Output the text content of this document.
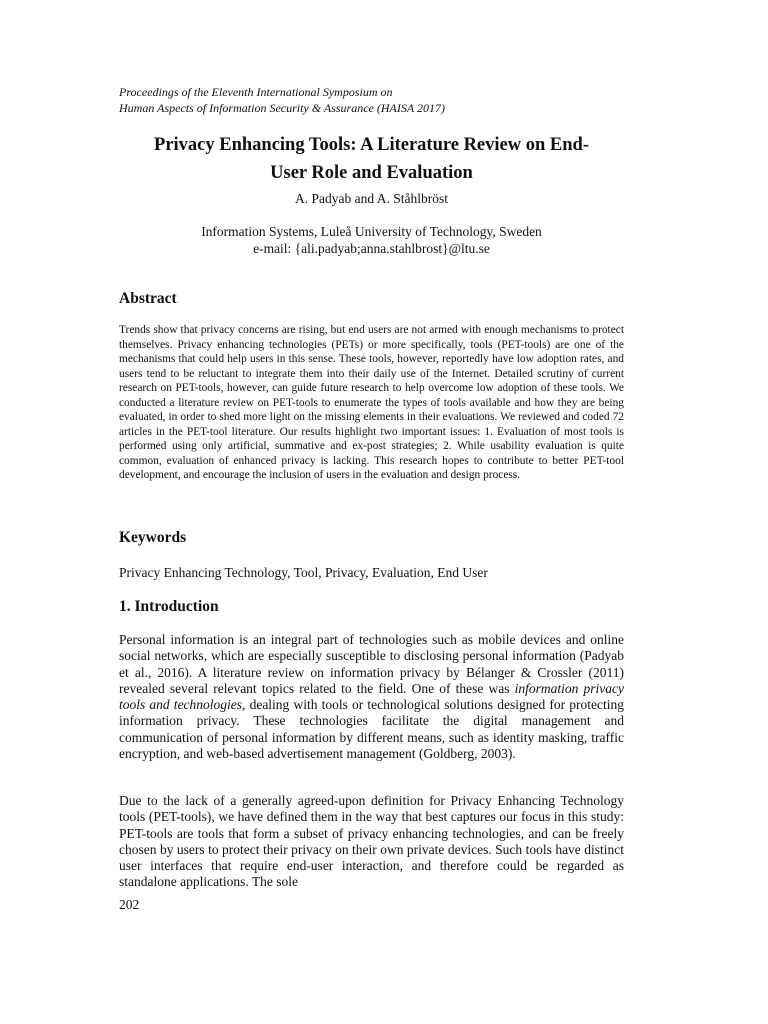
Proceedings of the Eleventh International Symposium on
Human Aspects of Information Security & Assurance (HAISA 2017)
Privacy Enhancing Tools: A Literature Review on End-
User Role and Evaluation
A. Padyab and A. Ståhlbröst
Information Systems, Luleå University of Technology, Sweden
e-mail: {ali.padyab;anna.stahlbrost}@ltu.se
Abstract

Trends show that privacy concerns are rising, but end users are not armed with enough mechanisms to protect themselves. Privacy enhancing technologies (PETs) or more specifically, tools (PET-tools) are one of the mechanisms that could help users in this sense. These tools, however, reportedly have low adoption rates, and users tend to be reluctant to integrate them into their daily use of the Internet. Detailed scrutiny of current research on PET-tools, however, can guide future research to help overcome low adoption of these tools. We conducted a literature review on PET-tools to enumerate the types of tools available and how they are being evaluated, in order to shed more light on the missing elements in their evaluations. We reviewed and coded 72 articles in the PET-tool literature. Our results highlight two important issues: 1. Evaluation of most tools is performed using only artificial, summative and ex-post strategies; 2. While usability evaluation is quite common, evaluation of enhanced privacy is lacking. This research hopes to contribute to better PET-tool development, and encourage the inclusion of users in the evaluation and design process.

Keywords

Privacy Enhancing Technology, Tool, Privacy, Evaluation, End User

1. Introduction

Personal information is an integral part of technologies such as mobile devices and online social networks, which are especially susceptible to disclosing personal information (Padyab et al., 2016). A literature review on information privacy by Bélanger & Crossler (2011) revealed several relevant topics related to the field. One of these was information privacy tools and technologies, dealing with tools or technological solutions designed for protecting information privacy. These technologies facilitate the digital management and communication of personal information by different means, such as identity masking, traffic encryption, and web-based advertisement management (Goldberg, 2003).

Due to the lack of a generally agreed-upon definition for Privacy Enhancing Technology tools (PET-tools), we have defined them in the way that best captures our focus in this study: PET-tools are tools that form a subset of privacy enhancing technologies, and can be freely chosen by users to protect their privacy on their own private devices. Such tools have distinct user interfaces that require end-user interaction, and therefore could be regarded as standalone applications. The sole

202
